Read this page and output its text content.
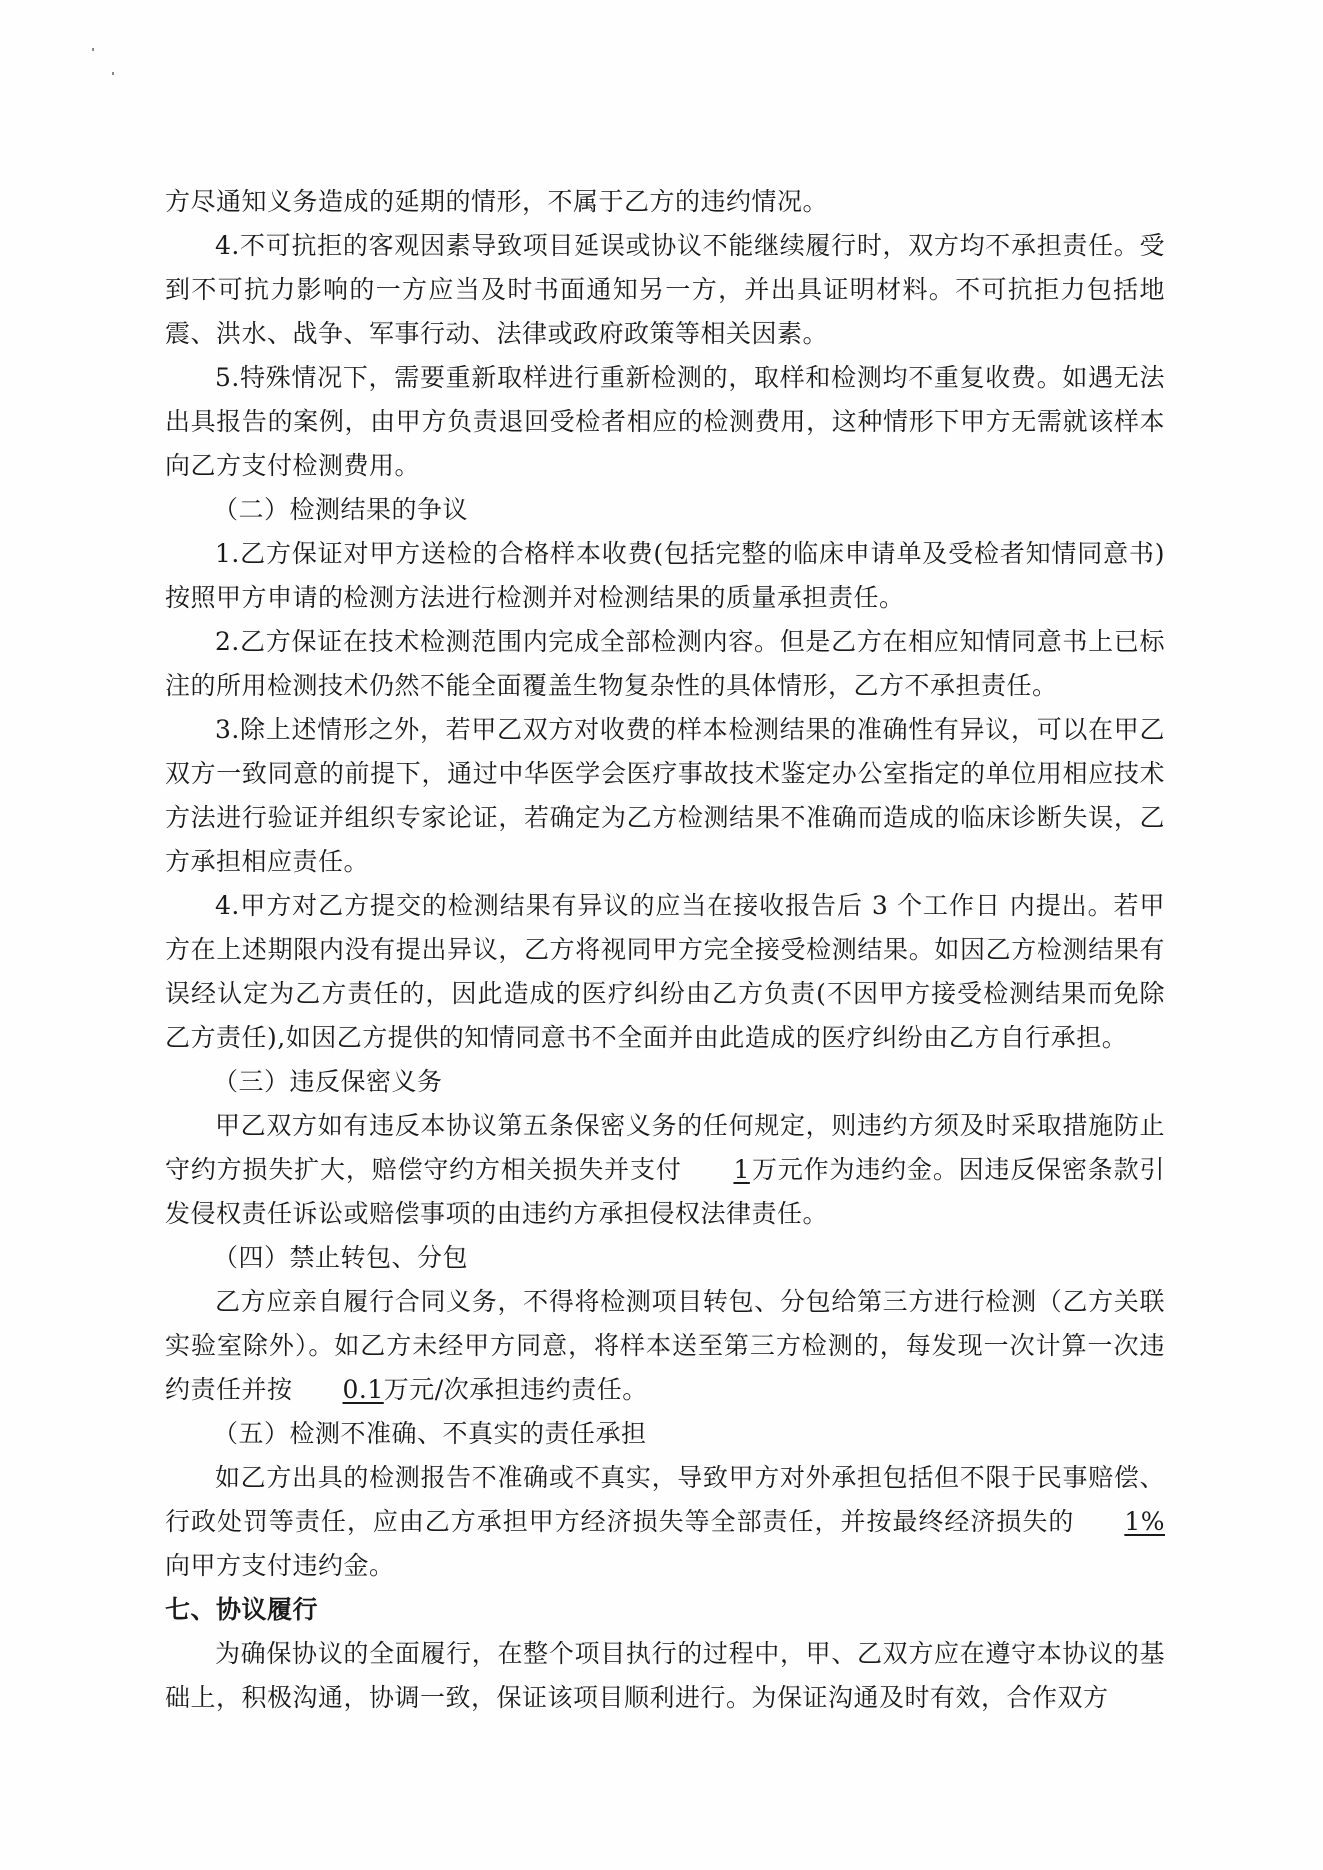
方尽通知义务造成的延期的情形，不属于乙方的违约情况。

4.不可抗拒的客观因素导致项目延误或协议不能继续履行时，双方均不承担责任。受到不可抗力影响的一方应当及时书面通知另一方，并出具证明材料。不可抗拒力包括地震、洪水、战争、军事行动、法律或政府政策等相关因素。

5.特殊情况下，需要重新取样进行重新检测的，取样和检测均不重复收费。如遇无法出具报告的案例，由甲方负责退回受检者相应的检测费用，这种情形下甲方无需就该样本向乙方支付检测费用。

（二）检测结果的争议

1.乙方保证对甲方送检的合格样本收费(包括完整的临床申请单及受检者知情同意书)按照甲方申请的检测方法进行检测并对检测结果的质量承担责任。

2.乙方保证在技术检测范围内完成全部检测内容。但是乙方在相应知情同意书上已标注的所用检测技术仍然不能全面覆盖生物复杂性的具体情形，乙方不承担责任。

3.除上述情形之外，若甲乙双方对收费的样本检测结果的准确性有异议，可以在甲乙双方一致同意的前提下，通过中华医学会医疗事故技术鉴定办公室指定的单位用相应技术方法进行验证并组织专家论证，若确定为乙方检测结果不准确而造成的临床诊断失误，乙方承担相应责任。

4.甲方对乙方提交的检测结果有异议的应当在接收报告后 3 个工作日 内提出。若甲方在上述期限内没有提出异议，乙方将视同甲方完全接受检测结果。如因乙方检测结果有误经认定为乙方责任的，因此造成的医疗纠纷由乙方负责(不因甲方接受检测结果而免除乙方责任),如因乙方提供的知情同意书不全面并由此造成的医疗纠纷由乙方自行承担。

（三）违反保密义务

甲乙双方如有违反本协议第五条保密义务的任何规定，则违约方须及时采取措施防止守约方损失扩大，赔偿守约方相关损失并支付 1万元作为违约金。因违反保密条款引发侵权责任诉讼或赔偿事项的由违约方承担侵权法律责任。

（四）禁止转包、分包

乙方应亲自履行合同义务，不得将检测项目转包、分包给第三方进行检测（乙方关联实验室除外）。如乙方未经甲方同意，将样本送至第三方检测的，每发现一次计算一次违约责任并按 0.1万元/次承担违约责任。

（五）检测不准确、不真实的责任承担

如乙方出具的检测报告不准确或不真实，导致甲方对外承担包括但不限于民事赔偿、行政处罚等责任，应由乙方承担甲方经济损失等全部责任，并按最终经济损失的 1%向甲方支付违约金。

七、协议履行

为确保协议的全面履行，在整个项目执行的过程中，甲、乙双方应在遵守本协议的基础上，积极沟通，协调一致，保证该项目顺利进行。为保证沟通及时有效，合作双方
